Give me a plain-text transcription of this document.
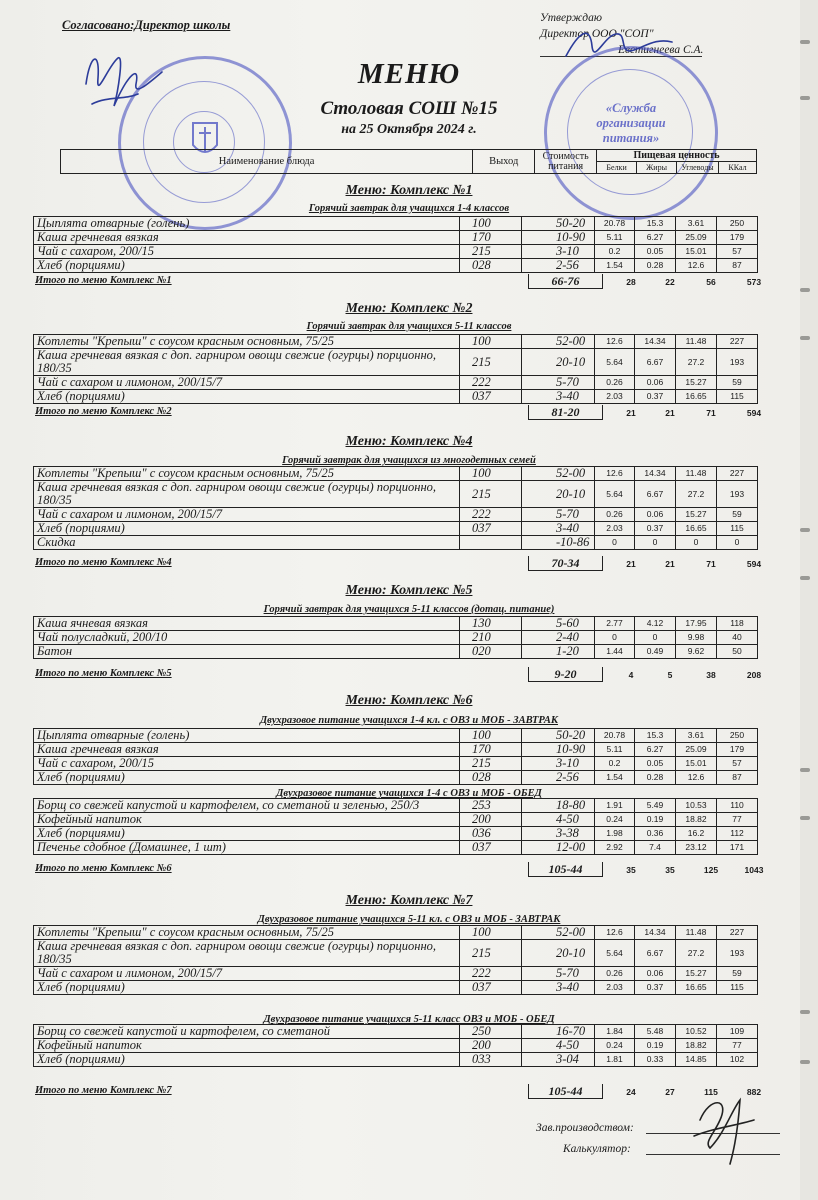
Согласовано:Директор школы	Утверждаю
Директор ООО "СОП"
Евстигнеева С.А.
«Служба организации питания»
МЕНЮ
Столовая СОШ №15
на 25 Октября 2024 г.
Наименование блюда	Выход	Стоимость питания	Пищевая ценность			
			Белки	Жиры	Углеводы	ККал
Меню: Комплекс №1
Горячий завтрак для учащихся 1-4 классов
Цыплята отварные (голень)	100	50-20	20.78	15.3	3.61	250
Каша гречневая вязкая	170	10-90	5.11	6.27	25.09	179
Чай с сахаром, 200/15	215	3-10	0.2	0.05	15.01	57
Хлеб (порциями)	028	2-56	1.54	0.28	12.6	87
Итого по меню Комплекс №1	66-76	28	22	56	573
Меню: Комплекс №2
Горячий завтрак для учащихся 5-11 классов
Котлеты "Крепыш" с соусом красным основным, 75/25	100	52-00	12.6	14.34	11.48	227
Каша гречневая вязкая с доп. гарниром овощи свежие (огурцы) порционно, 180/35	215	20-10	5.64	6.67	27.2	193
Чай с сахаром и лимоном, 200/15/7	222	5-70	0.26	0.06	15.27	59
Хлеб (порциями)	037	3-40	2.03	0.37	16.65	115
Итого по меню Комплекс №2	81-20	21	21	71	594
Меню: Комплекс №4
Горячий завтрак для учащихся из многодетных семей
Котлеты "Крепыш" с соусом красным основным, 75/25	100	52-00	12.6	14.34	11.48	227
Каша гречневая вязкая с доп. гарниром овощи свежие (огурцы) порционно, 180/35	215	20-10	5.64	6.67	27.2	193
Чай с сахаром и лимоном, 200/15/7	222	5-70	0.26	0.06	15.27	59
Хлеб (порциями)	037	3-40	2.03	0.37	16.65	115
Скидка		-10-86	0	0	0	0
Итого по меню Комплекс №4	70-34	21	21	71	594
Меню: Комплекс №5
Горячий завтрак для учащихся 5-11 классов (дотац. питание)
Каша ячневая вязкая	130	5-60	2.77	4.12	17.95	118
Чай полусладкий, 200/10	210	2-40	0	0	9.98	40
Батон	020	1-20	1.44	0.49	9.62	50
Итого по меню Комплекс №5	9-20	4	5	38	208
Меню: Комплекс №6
Двухразовое питание учащихся 1-4 кл. с ОВЗ и МОБ - ЗАВТРАК
Цыплята отварные (голень)	100	50-20	20.78	15.3	3.61	250
Каша гречневая вязкая	170	10-90	5.11	6.27	25.09	179
Чай с сахаром, 200/15	215	3-10	0.2	0.05	15.01	57
Хлеб (порциями)	028	2-56	1.54	0.28	12.6	87
Двухразовое питание учащихся 1-4 с ОВЗ и МОБ - ОБЕД
Борщ со свежей капустой и картофелем, со сметаной и зеленью, 250/3	253	18-80	1.91	5.49	10.53	110
Кофейный напиток	200	4-50	0.24	0.19	18.82	77
Хлеб (порциями)	036	3-38	1.98	0.36	16.2	112
Печенье сдобное (Домашнее, 1 шт)	037	12-00	2.92	7.4	23.12	171
Итого по меню Комплекс №6	105-44	35	35	125	1043
Меню: Комплекс №7
Двухразовое питание учащихся 5-11 кл. с ОВЗ и МОБ - ЗАВТРАК
Котлеты "Крепыш" с соусом красным основным, 75/25	100	52-00	12.6	14.34	11.48	227
Каша гречневая вязкая с доп. гарниром овощи свежие (огурцы) порционно, 180/35	215	20-10	5.64	6.67	27.2	193
Чай с сахаром и лимоном, 200/15/7	222	5-70	0.26	0.06	15.27	59
Хлеб (порциями)	037	3-40	2.03	0.37	16.65	115
Двухразовое питание учащихся 5-11 класс ОВЗ и МОБ - ОБЕД
Борщ со свежей капустой и картофелем, со сметаной	250	16-70	1.84	5.48	10.52	109
Кофейный напиток	200	4-50	0.24	0.19	18.82	77
Хлеб (порциями)	033	3-04	1.81	0.33	14.85	102
Итого по меню Комплекс №7	105-44	24	27	115	882
Зав.производством:
Калькулятор:
